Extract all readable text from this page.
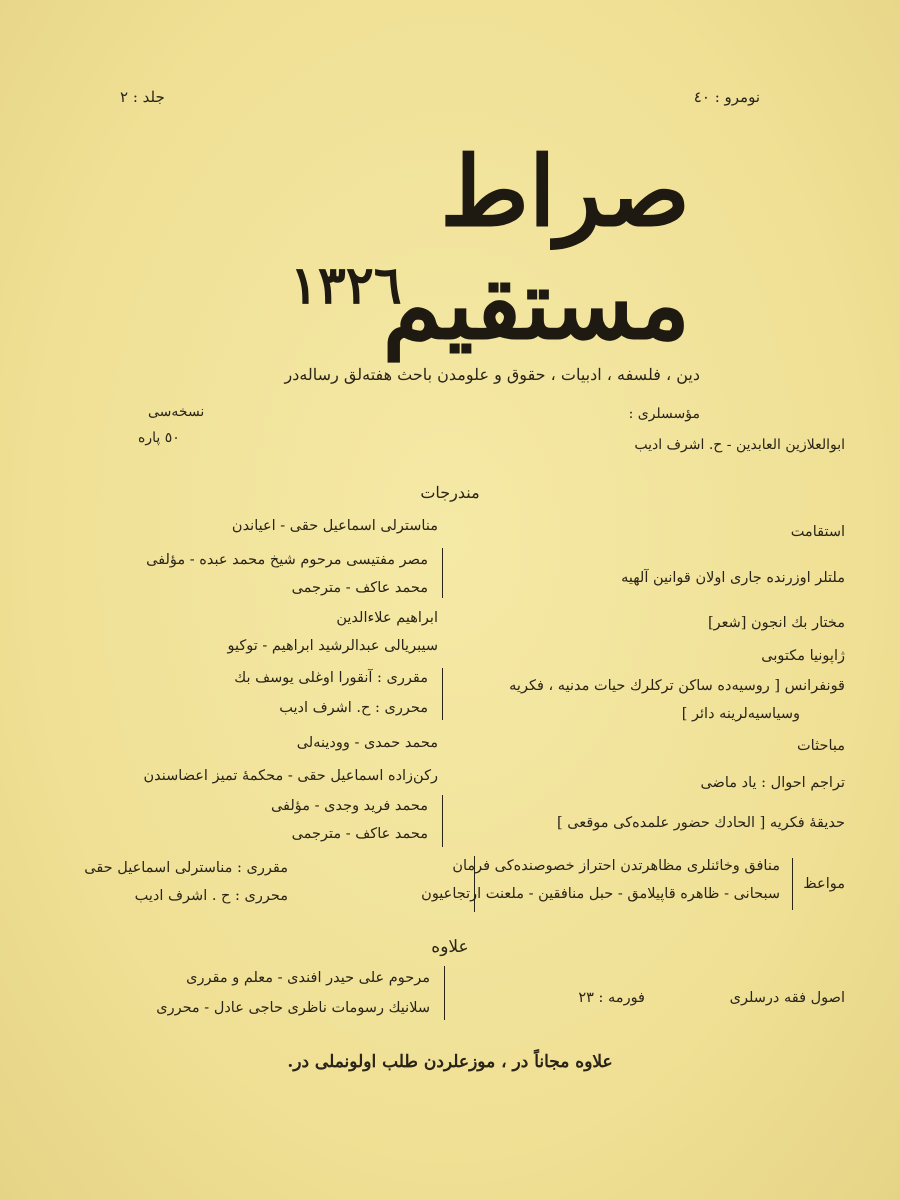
نومرو : ٤٠
جلد : ٢
صراط مستقیم
١٣٢٦
دین ، فلسفه ، ادبیات ، حقوق و علومدن باحث هفته‌لق رساله‌در
مؤسسلری :
ابوالعلازین العابدین - ح. اشرف ادیب
نسخه‌سی
٥٠ پاره
مندرجات
استقامت
ملتلر اوزرنده جاری اولان قوانین آلهیه
مختار بك انجون [شعر]
ژاپونیا مکتوبی
قونفرانس [ روسیه‌ده ساکن ترکلرك حیات مدنیه ، فکریه
وسیاسیه‌لرینه دائر ]
مباحثات
تراجم احوال : یاد ماضی
حدیقهٔ فکریه [ الحادك حضور علمده‌کی موقعی ]
مناسترلی اسماعیل حقی - اعیاندن
مصر مفتیسی مرحوم شیخ محمد عبده - مؤلفی
محمد عاکف - مترجمی
ابراهیم علاءالدین
سیبریالی عبدالرشید ابراهیم - توکیو
مقرری : آنقورا اوغلی یوسف بك
محرری : ح. اشرف ادیب
محمد حمدی - وودینه‌لی
رکن‌زاده اسماعیل حقی - محکمهٔ تمیز اعضاسندن
محمد فرید وجدی - مؤلفی
محمد عاکف - مترجمی
مواعظ
منافق وخائنلری مظاهرتدن احتراز خصوصنده‌کی فرمان
سبحانی - ظاهره قاپیلامق - حبل منافقین - ملعنت ارتجاعیون
مقرری : مناسترلی اسماعیل حقی
محرری : ح . اشرف ادیب
علاوه
اصول فقه درسلری
فورمه : ٢٣
مرحوم علی حیدر افندی - معلم و مقرری
سلانیك رسومات ناظری حاجی عادل - محرری
علاوه مجاناً در ، موزعلردن طلب اولونملی در.
